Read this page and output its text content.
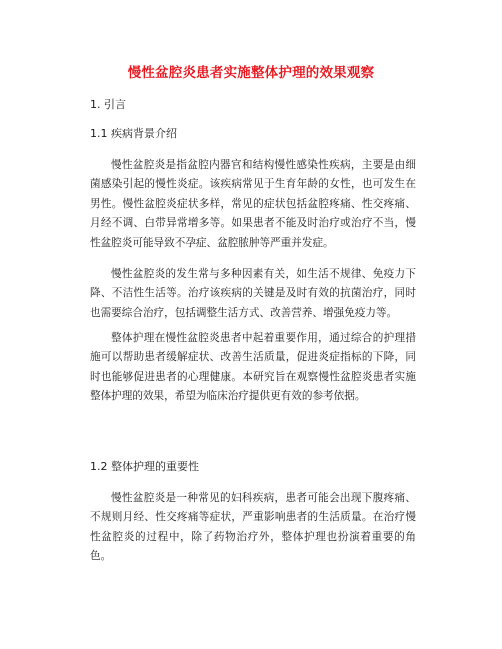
慢性盆腔炎患者实施整体护理的效果观察
1. 引言
1.1 疾病背景介绍

慢性盆腔炎是指盆腔内器官和结构慢性感染性疾病，主要是由细菌感染引起的慢性炎症。该疾病常见于生育年龄的女性，也可发生在男性。慢性盆腔炎症状多样，常见的症状包括盆腔疼痛、性交疼痛、月经不调、白带异常增多等。如果患者不能及时治疗或治疗不当，慢性盆腔炎可能导致不孕症、盆腔脓肿等严重并发症。

慢性盆腔炎的发生常与多种因素有关，如生活不规律、免疫力下降、不洁性生活等。治疗该疾病的关键是及时有效的抗菌治疗，同时也需要综合治疗，包括调整生活方式、改善营养、增强免疫力等。

整体护理在慢性盆腔炎患者中起着重要作用，通过综合的护理措施可以帮助患者缓解症状、改善生活质量，促进炎症指标的下降，同时也能够促进患者的心理健康。本研究旨在观察慢性盆腔炎患者实施整体护理的效果，希望为临床治疗提供更有效的参考依据。

1.2 整体护理的重要性

慢性盆腔炎是一种常见的妇科疾病，患者可能会出现下腹疼痛、不规则月经、性交疼痛等症状，严重影响患者的生活质量。在治疗慢性盆腔炎的过程中，除了药物治疗外，整体护理也扮演着重要的角色。
